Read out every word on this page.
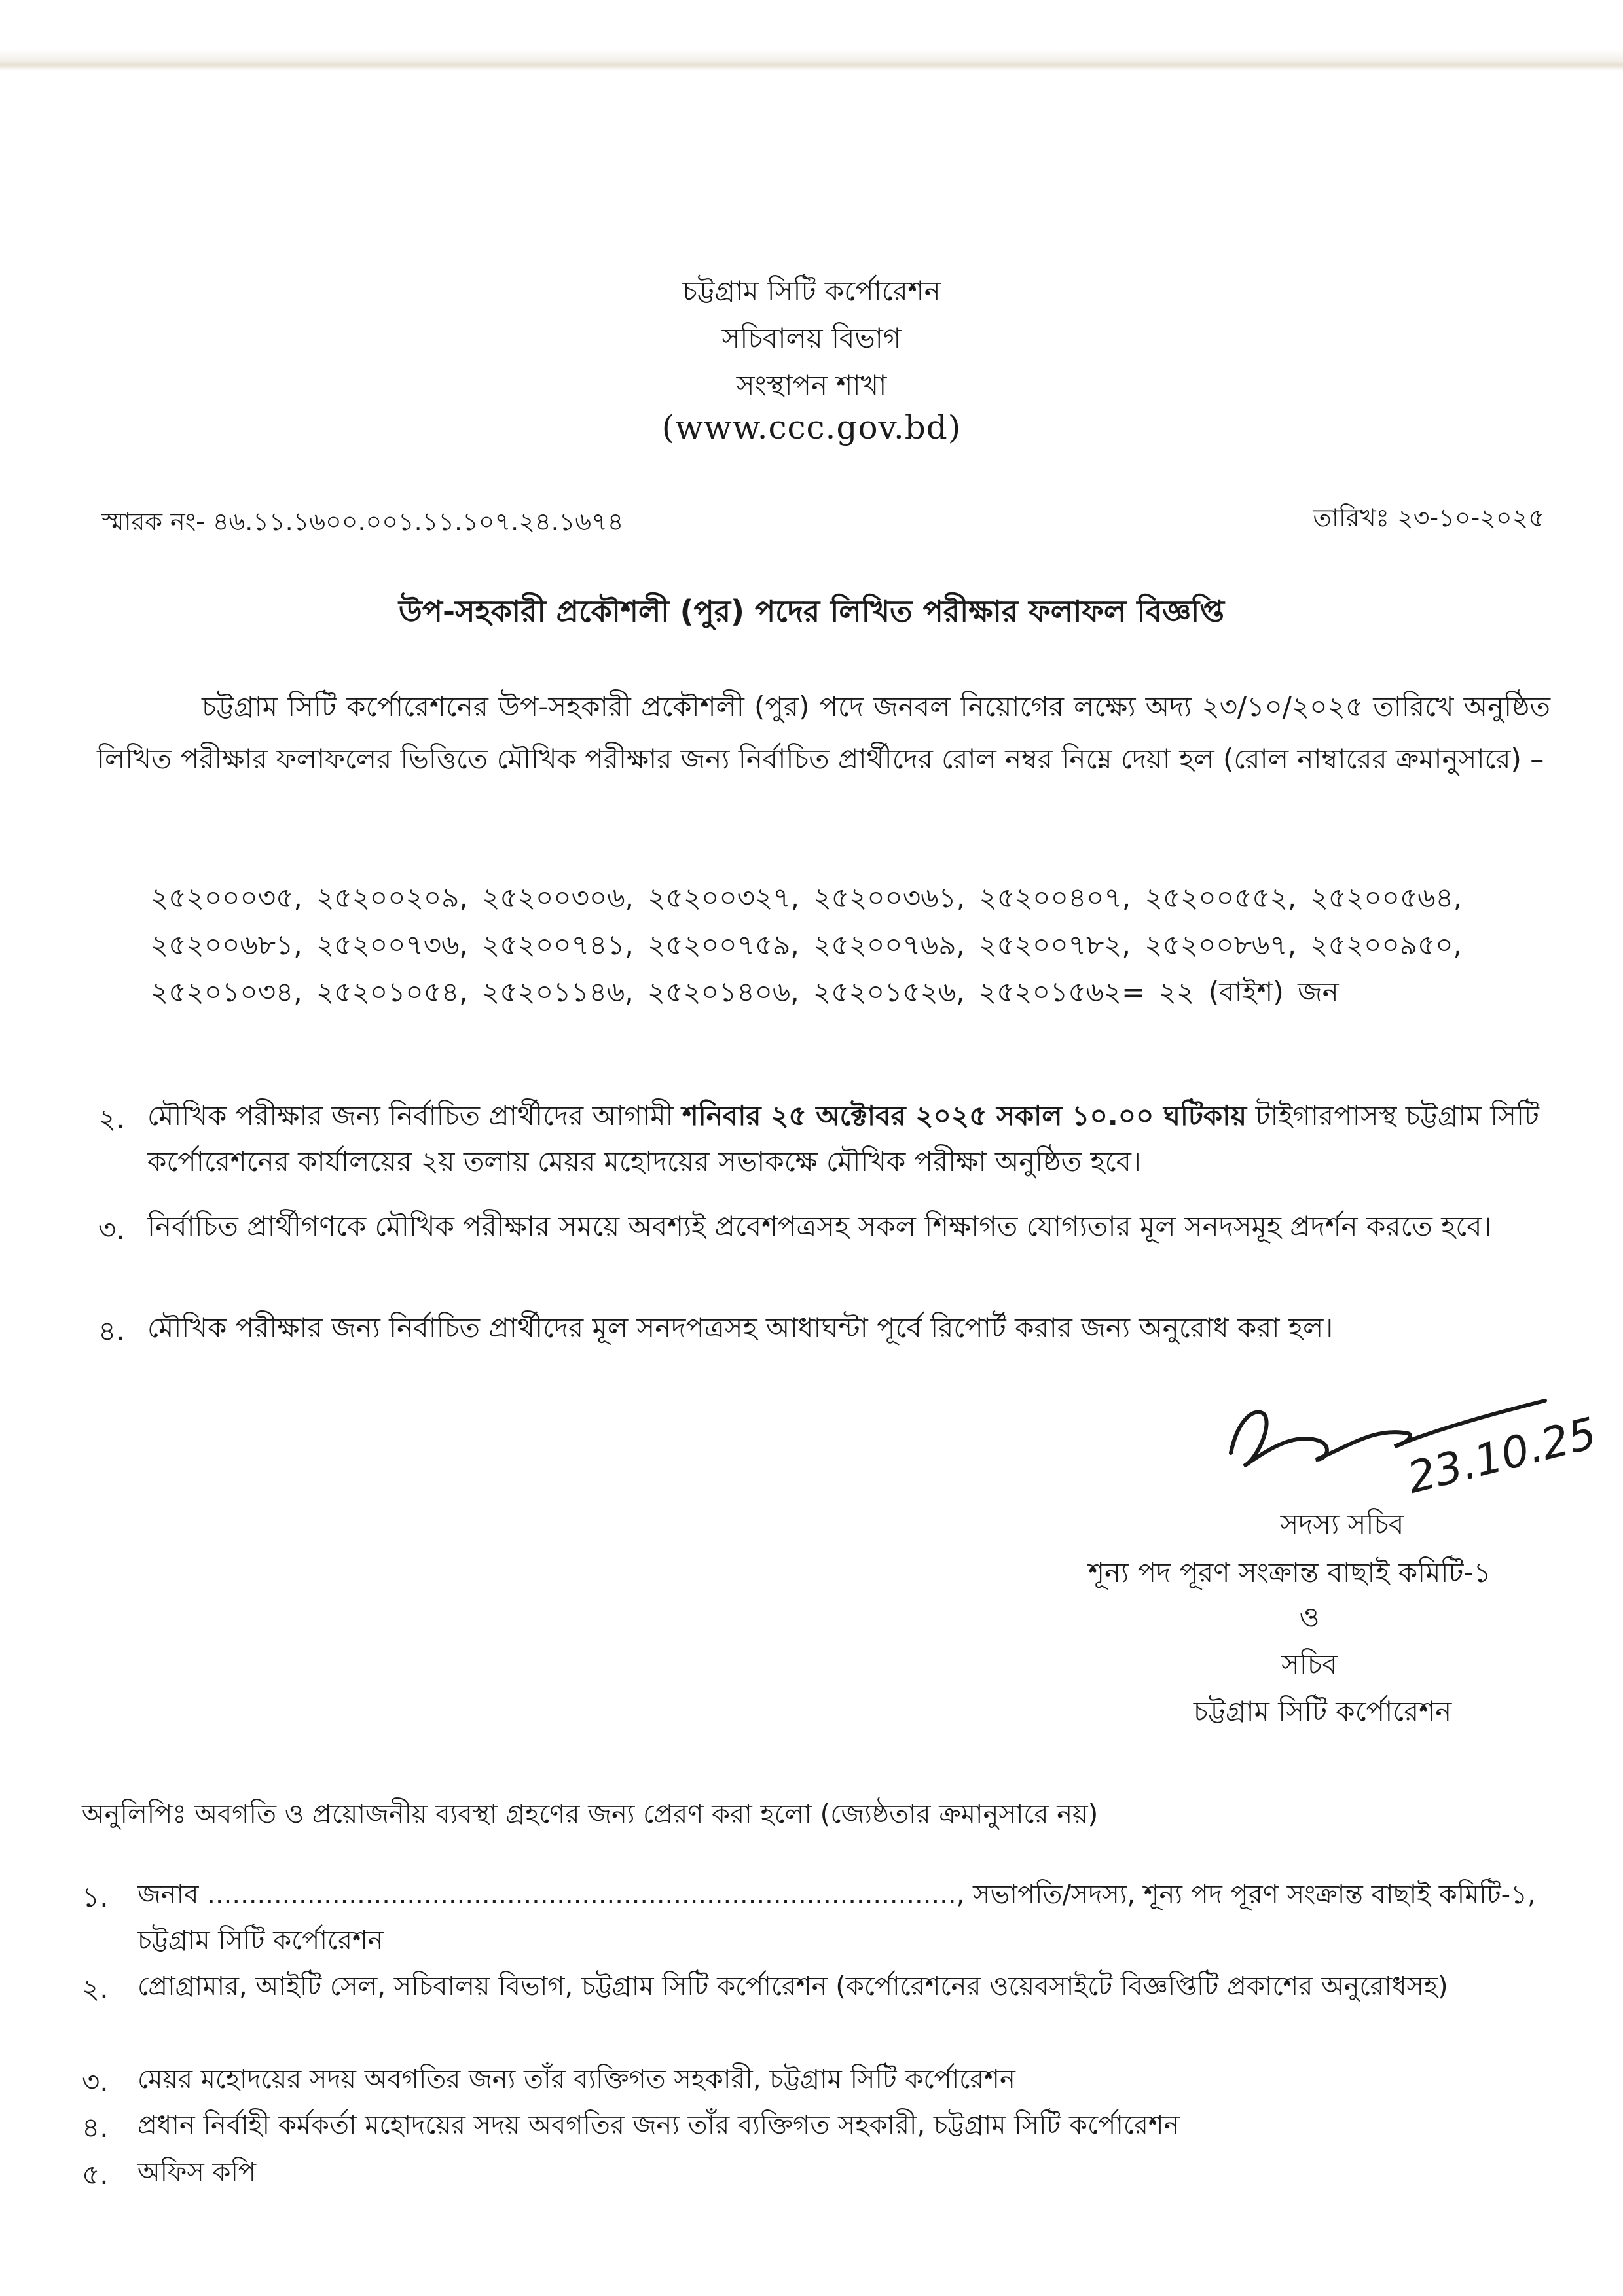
চট্টগ্রাম সিটি কর্পোরেশন
সচিবালয় বিভাগ
সংস্থাপন শাখা
(www.ccc.gov.bd)
স্মারক নং- ৪৬.১১.১৬০০.০০১.১১.১০৭.২৪.১৬৭৪	তারিখঃ ২৩-১০-২০২৫
উপ-সহকারী প্রকৌশলী (পুর) পদের লিখিত পরীক্ষার ফলাফল বিজ্ঞপ্তি
চট্টগ্রাম সিটি কর্পোরেশনের উপ-সহকারী প্রকৌশলী (পুর) পদে জনবল নিয়োগের লক্ষ্যে অদ্য ২৩/১০/২০২৫ তারিখে অনুষ্ঠিত লিখিত পরীক্ষার ফলাফলের ভিত্তিতে মৌখিক পরীক্ষার জন্য নির্বাচিত প্রার্থীদের রোল নম্বর নিম্নে দেয়া হল (রোল নাম্বারের ক্রমানুসারে) –
২৫২০০০৩৫, ২৫২০০২০৯, ২৫২০০৩০৬, ২৫২০০৩২৭, ২৫২০০৩৬১, ২৫২০০৪০৭, ২৫২০০৫৫২, ২৫২০০৫৬৪, ২৫২০০৬৮১, ২৫২০০৭৩৬, ২৫২০০৭৪১, ২৫২০০৭৫৯, ২৫২০০৭৬৯, ২৫২০০৭৮২, ২৫২০০৮৬৭, ২৫২০০৯৫০, ২৫২০১০৩৪, ২৫২০১০৫৪, ২৫২০১১৪৬, ২৫২০১৪০৬, ২৫২০১৫২৬, ২৫২০১৫৬২= ২২ (বাইশ) জন
২. মৌখিক পরীক্ষার জন্য নির্বাচিত প্রার্থীদের আগামী শনিবার ২৫ অক্টোবর ২০২৫ সকাল ১০.০০ ঘটিকায় টাইগারপাসস্থ চট্টগ্রাম সিটি কর্পোরেশনের কার্যালয়ের ২য় তলায় মেয়র মহোদয়ের সভাকক্ষে মৌখিক পরীক্ষা অনুষ্ঠিত হবে।
৩. নির্বাচিত প্রার্থীগণকে মৌখিক পরীক্ষার সময়ে অবশ্যই প্রবেশপত্রসহ সকল শিক্ষাগত যোগ্যতার মূল সনদসমূহ প্রদর্শন করতে হবে।
৪. মৌখিক পরীক্ষার জন্য নির্বাচিত প্রার্থীদের মূল সনদপত্রসহ আধাঘন্টা পূর্বে রিপোর্ট করার জন্য অনুরোধ করা হল।
23.10.25
সদস্য সচিব
শূন্য পদ পূরণ সংক্রান্ত বাছাই কমিটি-১
ও
সচিব
চট্টগ্রাম সিটি কর্পোরেশন
অনুলিপিঃ অবগতি ও প্রয়োজনীয় ব্যবস্থা গ্রহণের জন্য প্রেরণ করা হলো (জ্যেষ্ঠতার ক্রমানুসারে নয়)
১. জনাব .........................................................................................., সভাপতি/সদস্য, শূন্য পদ পূরণ সংক্রান্ত বাছাই কমিটি-১, চট্টগ্রাম সিটি কর্পোরেশন
২. প্রোগ্রামার, আইটি সেল, সচিবালয় বিভাগ, চট্টগ্রাম সিটি কর্পোরেশন (কর্পোরেশনের ওয়েবসাইটে বিজ্ঞপ্তিটি প্রকাশের অনুরোধসহ)
৩. মেয়র মহোদয়ের সদয় অবগতির জন্য তাঁর ব্যক্তিগত সহকারী, চট্টগ্রাম সিটি কর্পোরেশন
৪. প্রধান নির্বাহী কর্মকর্তা মহোদয়ের সদয় অবগতির জন্য তাঁর ব্যক্তিগত সহকারী, চট্টগ্রাম সিটি কর্পোরেশন
৫. অফিস কপি
